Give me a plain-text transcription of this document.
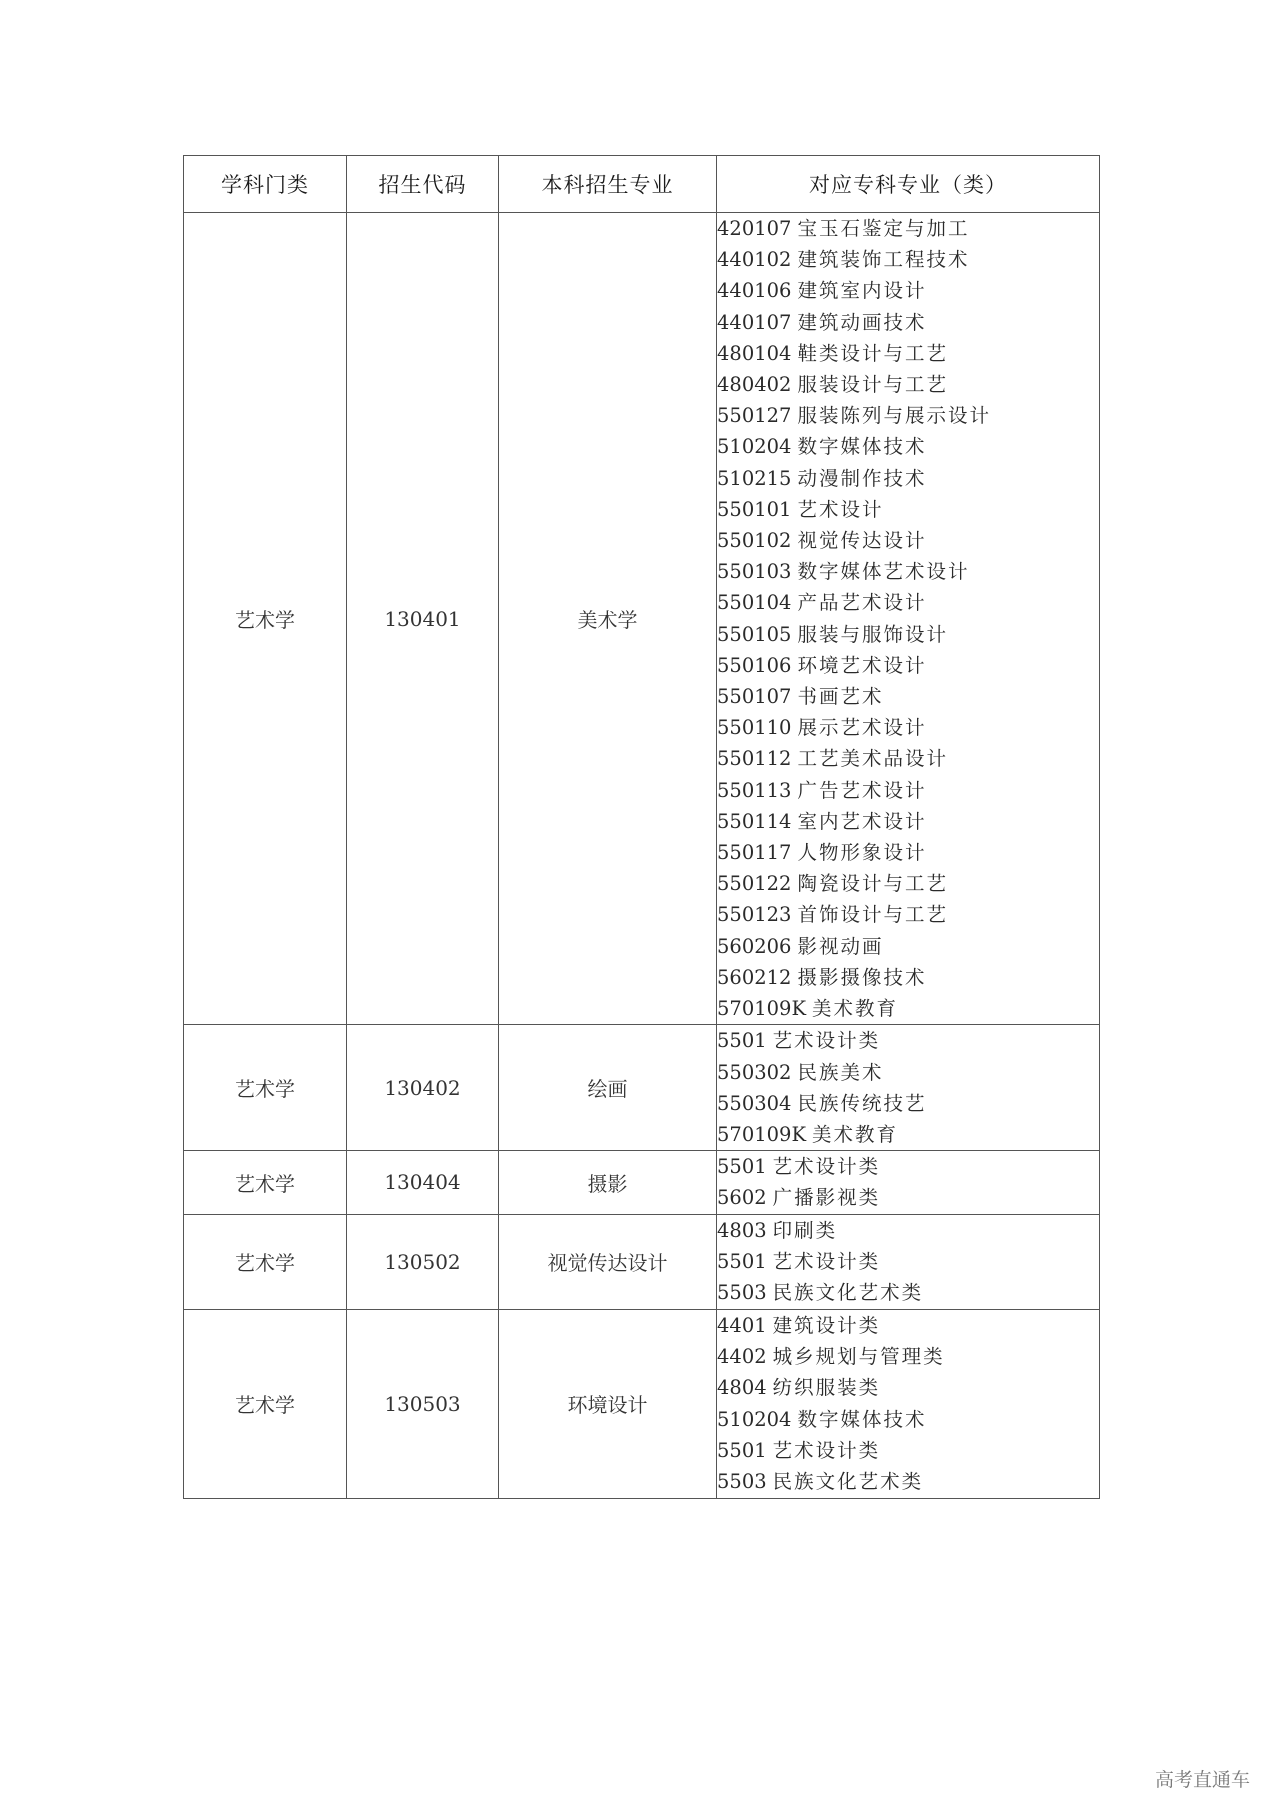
学科门类	招生代码	本科招生专业	对应专科专业（类）
艺术学	130401	美术学	
420107 宝玉石鉴定与加工
440102 建筑装饰工程技术
440106 建筑室内设计
440107 建筑动画技术
480104 鞋类设计与工艺
480402 服装设计与工艺
550127 服装陈列与展示设计
510204 数字媒体技术
510215 动漫制作技术
550101 艺术设计
550102 视觉传达设计
550103 数字媒体艺术设计
550104 产品艺术设计
550105 服装与服饰设计
550106 环境艺术设计
550107 书画艺术
550110 展示艺术设计
550112 工艺美术品设计
550113 广告艺术设计
550114 室内艺术设计
550117 人物形象设计
550122 陶瓷设计与工艺
550123 首饰设计与工艺
560206 影视动画
560212 摄影摄像技术
570109K 美术教育

艺术学	130402	绘画	5501 艺术设计类
550302 民族美术
550304 民族传统技艺
570109K 美术教育

艺术学	130404	摄影	5501 艺术设计类
5602 广播影视类

艺术学	130502	视觉传达设计	4803 印刷类
5501 艺术设计类
5503 民族文化艺术类

艺术学	130503	环境设计	
4401 建筑设计类
4402 城乡规划与管理类
4804 纺织服装类
510204 数字媒体技术
5501 艺术设计类
5503 民族文化艺术类
高考直通车
